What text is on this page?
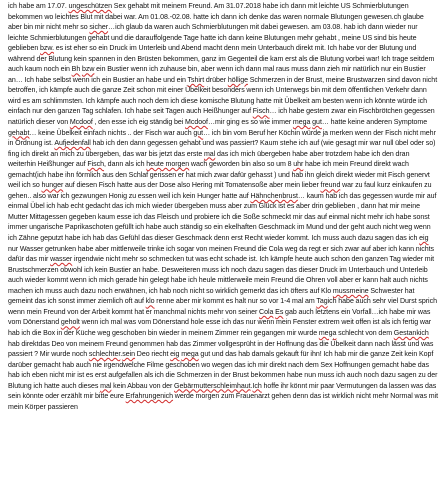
ich habe am 17.07. ungeschützen Sex gehabt mit meinem Freund. Am 31.07.2018 habe ich dann mit leichte US Schmierblutungen bekommen wo leichtes Blut mit dabei war. Am 01.08.-02.08. hatte ich dann ich denke das waren normale Blutungen gewesen.ch glaube aber bin mir nicht mehr so sicher…ich glaub da waren auch Schmierblutungen mit dabei gewesen. am 03.08. hab ich dann wieder nur leichte Schmierblutungen gehabt und die darauffolgende Tage hatte ich dann keine Blutungen mehr gehabt , meine US sind bis heute geblieben bzw. es ist eher so ein Druck im Unterleib und Abend macht denn mein Unterbauch direkt mit. Ich habe vor der Blutung und während der Blutung kein spannen in den Brüsten bekommen, ganz im Gegenteil die kam erst als die Blutung vorbei war! Ich trage seitdem auch kaum noch ein Bh bzw ein Bustier wenn ich zuhause bin, aber wenn ich dann mal raus muss dann zieh mir natürlich nur ein Bustier an… Ich habe selbst wenn ich ein Bustier an habe und ein Tshirt drüber höllige Schmerzen in der Brust, meine Brustwarzen sind davon nicht betroffen, ich kämpfe auch die ganze Zeit schon mit einer Übelkeit besonders wenn ich Unterwegs bin mit dem öffentlichen Verkehr dann wird es am schlimmsten. Ich kämpfe auch noch dem ich diese komische Blutung hatte mit Übelkeit am besten wenn ich könnte würde ich einfach nur den ganzen Tag schlafen. Ich habe seit Tagen auch Heißhunger auf Fisch… ich habe gestern zwar ein Fischbrötchen gegessen natürlich dieser von Mcdoof , den esse ich eig ständig bei Mcdoof…mir ging es so wie immer mega gut… hatte keine anderen Symptome gehabt… keine Übelkeit einfach nichts .. der Fisch war auch gut… ich bin vom Beruf her Köchin würde ja merken wenn der Fisch nicht mehr in Ordnung ist. Aufjedenfall hab ich den dann gegessen gehabt und was passiert? Kaum stehe ich auf (wie gesagt mir war null übel oder so) fing ich direkt an mich zu übergeben, das war bis jetzt das erste mal das ich mich übergeben habe aber trotzdem habe ich den dran weiterhin Heißhunger auf Fisch, dann als ich heute morgen wach geworden bin also so um 8 uhr habe ich mein Freund direkt wach gemacht(ich habe ihn förmlich aus den Schlaf gerissen er hat mich zwar dafür gehasst ) und hab ihn gleich direkt wieder mit Fisch genervt weil ich so hunger auf diesen Fisch hatte aus der Dose also Hering mit Tomatensoße aber mein lieber freund war zu faul kurz einkaufen zu gehen.. also war ich gezwungen Honig zu essen weil ich kein Hunger hatte auf Hähnchenbrust… kaum hab ich das gegessen wurde mir auf einmal Übel ich hab echt gedacht das ich mich wieder übergeben muss aber zum Glück ist es aber drin geblieben , dann hat mir meine Mutter Mittagessen gegeben kaum esse ich das Fleisch und probiere ich die Soße schmeckt mir das auf einmal nicht mehr ich habe sonst immer ungarische Paprikaschoten gefüllt ich habe auch ständig so ein ekelhaften Geschmack im Mund und der geht auch nicht weg wenn ich Zähne geputzt habe ich hab das Gefühl das dieser Geschmack denn erst Recht wieder kommt. Ich muss auch dazu sagen das ich eig nur Wasser getrunken habe aber mittlerweile trinke ich sogar von meinen Freund die Cola weg da regt er sich zwar auf aber ich kann nichts dafür das mir wasser irgendwie nicht mehr so schmecken tut was echt schade ist. Ich kämpfe heute auch schon den ganzen Tag wieder mit Brustschmerzen obwohl ich kein Bustier an habe. Desweiteren muss ich noch dazu sagen das dieser Druck im Unterbauch und Unterleib auch wieder kommt wenn ich mich gerade hin gelegt habe ich heule mittlerweile mein Freund die Ohren voll aber er kann halt auch nichts machen ich muss auch dazu noch erwähnen, ich hab noch nicht so wirklich gemerkt das ich öfters auf Klo mussmeine Schwester hat gemeint das ich sonst immer ziemlich oft auf klo renne aber mir kommt es halt nur so vor 1-4 mal am Tagich habe auch sehr viel Durst sprich wenn mein Freund von der Arbeit kommt hat er manchmal nichts mehr von seiner Cola Es gab auch letztens ein Vorfall…ich habe mir was vom Dönerstand geholt wenn ich mal was vom Dönerstand hole esse ich das nur wenn mein Fenster extrem weit offen ist als ich fertig war hab ich die Box in der Küche weg geschoben bin wieder in meinem Zimmer rein gegangen mir wurde mega schlecht von dem Gestankich hab direktdas Deo von meinem Freund genommen hab das Zimmer vollgesprüht in der Hoffnung das die Übelkeit dann nach lässt und was passiert ? Mir wurde noch schlechter.sein Deo riecht eig mega gut und das hab damals gekauft für ihn! Ich hab mir die ganze Zeit kein Kopf darüber gemacht hab auch nie irgendwelche Filme geschoben wo wegen das ich mir direkt nach dem Sex Hoffnungen gemacht habe das hab ich eben nicht mir ist es erst aufgefallen als ich die Schmerzen in der Brust bekommen habe nun muss ich auch noch dazu sagen zu der Blutung ich hatte auch dieses mal kein Abbau von der Gebärmutterschleimhaut.Ich hoffe ihr könnt mir paar Vermutungen da lassen was das sein könnte oder erzählt mir bitte eure Erfahrungenich werde morgen zum Frauenarzt gehen denn das ist wirklich nicht mehr Normal was mit mein Körper passieren
